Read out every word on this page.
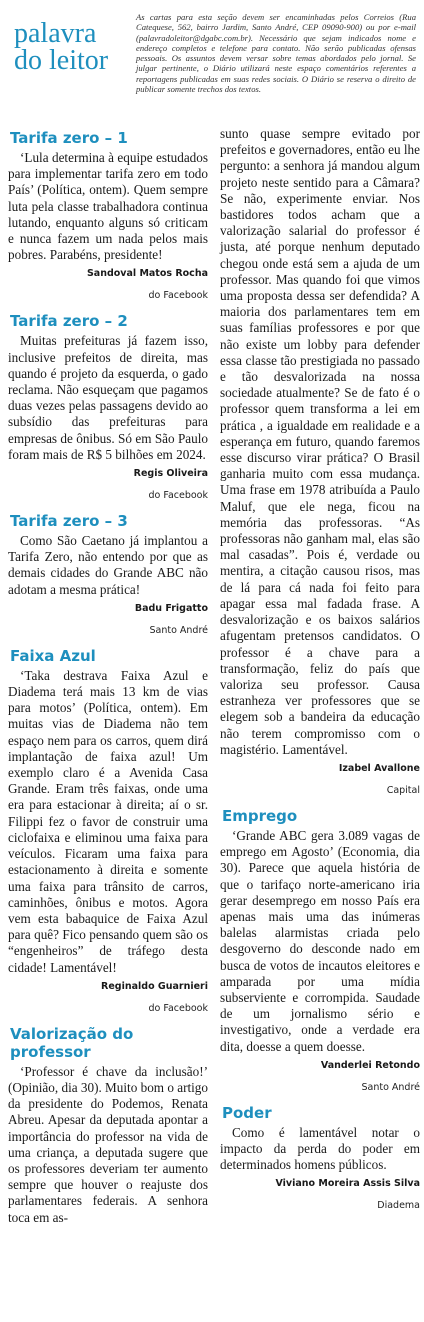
palavra
do leitor
As cartas para esta seção devem ser encaminhadas pelos Correios (Rua Catequese, 562, bairro Jardim, Santo André, CEP 09090-900) ou por e-mail (palavradoleitor@dgabc.com.br). Necessário que sejam indicados nome e endereço completos e telefone para contato. Não serão publicadas ofensas pessoais. Os assuntos devem versar sobre temas abordados pelo jornal. Se julgar pertinente, o Diário utilizará neste espaço comentários referentes a reportagens publicadas em suas redes sociais. O Diário se reserva o direito de publicar somente trechos dos textos.
Tarifa zero – 1

‘Lula determina à equipe estudados para implementar tarifa zero em todo País’ (Política, ontem). Quem sempre luta pela classe trabalhadora continua lutando, enquanto alguns só criticam e nunca fazem um nada pelos mais pobres. Parabéns, presidente!

Sandoval Matos Rocha
do Facebook
Tarifa zero – 2

Muitas prefeituras já fazem isso, inclusive prefeitos de direita, mas quando é projeto da esquerda, o gado reclama. Não esqueçam que pagamos duas vezes pelas passagens devido ao subsídio das prefeituras para empresas de ônibus. Só em São Paulo foram mais de R$ 5 bilhões em 2024.

Regis Oliveira
do Facebook
Tarifa zero – 3

Como São Caetano já implantou a Tarifa Zero, não entendo por que as demais cidades do Grande ABC não adotam a mesma prática!

Badu Frigatto
Santo André
Faixa Azul

‘Taka destrava Faixa Azul e Diadema terá mais 13 km de vias para motos’ (Política, ontem). Em muitas vias de Diadema não tem espaço nem para os carros, quem dirá implantação de faixa azul! Um exemplo claro é a Avenida Casa Grande. Eram três faixas, onde uma era para estacionar à direita; aí o sr. Filippi fez o favor de construir uma ciclofaixa e eliminou uma faixa para veículos. Ficaram uma faixa para estacionamento à direita e somente uma faixa para trânsito de carros, caminhões, ônibus e motos. Agora vem esta babaquice de Faixa Azul para quê? Fico pensando quem são os “engenheiros” de tráfego desta cidade! Lamentável!

Reginaldo Guarnieri
do Facebook
Valorização do professor

‘Professor é chave da inclusão!’ (Opinião, dia 30). Muito bom o artigo da presidente do Podemos, Renata Abreu. Apesar da deputada apontar a importância do professor na vida de uma criança, a deputada sugere que os professores deveriam ter aumento sempre que houver o reajuste dos parlamentares federais. A senhora toca em as-

sunto quase sempre evitado por prefeitos e governadores, então eu lhe pergunto: a senhora já mandou algum projeto neste sentido para a Câmara? Se não, experimente enviar. Nos bastidores todos acham que a valorização salarial do professor é justa, até porque nenhum deputado chegou onde está sem a ajuda de um professor. Mas quando foi que vimos uma proposta dessa ser defendida? A maioria dos parlamentares tem em suas famílias professores e por que não existe um lobby para defender essa classe tão prestigiada no passado e tão desvalorizada na nossa sociedade atualmente? Se de fato é o professor quem transforma a lei em prática , a igualdade em realidade e a esperança em futuro, quando faremos esse discurso virar prática? O Brasil ganharia muito com essa mudança. Uma frase em 1978 atribuída a Paulo Maluf, que ele nega, ficou na memória das professoras. “As professoras não ganham mal, elas são mal casadas”. Pois é, verdade ou mentira, a citação causou risos, mas de lá para cá nada foi feito para apagar essa mal fadada frase. A desvalorização e os baixos salários afugentam pretensos candidatos. O professor é a chave para a transformação, feliz do país que valoriza seu professor. Causa estranheza ver professores que se elegem sob a bandeira da educação não terem compromisso com o magistério. Lamentável.

Izabel Avallone
Capital
Emprego

‘Grande ABC gera 3.089 vagas de emprego em Agosto’ (Economia, dia 30). Parece que aquela história de que o tarifaço norte-americano iria gerar desemprego em nosso País era apenas mais uma das inúmeras balelas alarmistas criada pelo desgoverno do desconde nado em busca de votos de incautos eleitores e amparada por uma mídia subserviente e corrompida. Saudade de um jornalismo sério e investigativo, onde a verdade era dita, doesse a quem doesse.

Vanderlei Retondo
Santo André
Poder

Como é lamentável notar o impacto da perda do poder em determinados homens públicos.

Viviano Moreira Assis Silva
Diadema
